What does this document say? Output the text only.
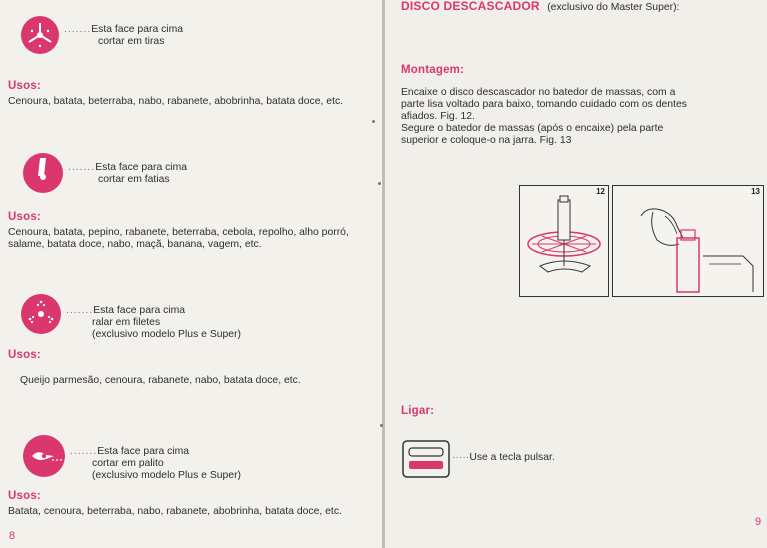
.......Esta face para cima
cortar em tiras
Usos:
Cenoura, batata, beterraba, nabo, rabanete, abobrinha, batata doce, etc.
.......Esta face para cima
cortar em fatias
Usos:
Cenoura, batata, pepino, rabanete, beterraba, cebola, repolho, alho porró, salame, batata doce, nabo, maçã, banana, vagem, etc.
.......Esta face para cima
ralar em filetes
(exclusivo modelo Plus e Super)
Usos:
Queijo parmesão, cenoura, rabanete, nabo, batata doce, etc.
.......Esta face para cima
cortar em palito
(exclusivo modelo Plus e Super)
Usos:
Batata, cenoura, beterraba, nabo, rabanete, abobrinha, batata doce, etc.
8
DISCO DESCASCADOR (exclusivo do Master Super):
Montagem:
Encaixe o disco descascador no batedor de massas, com a
parte lisa voltado para baixo, tomando cuidado com os dentes
afiados. Fig. 12.
Segure o batedor de massas (após o encaixe) pela parte
superior e coloque-o na jarra. Fig. 13
12	13
Ligar:
·····Use a tecla pulsar.
9
